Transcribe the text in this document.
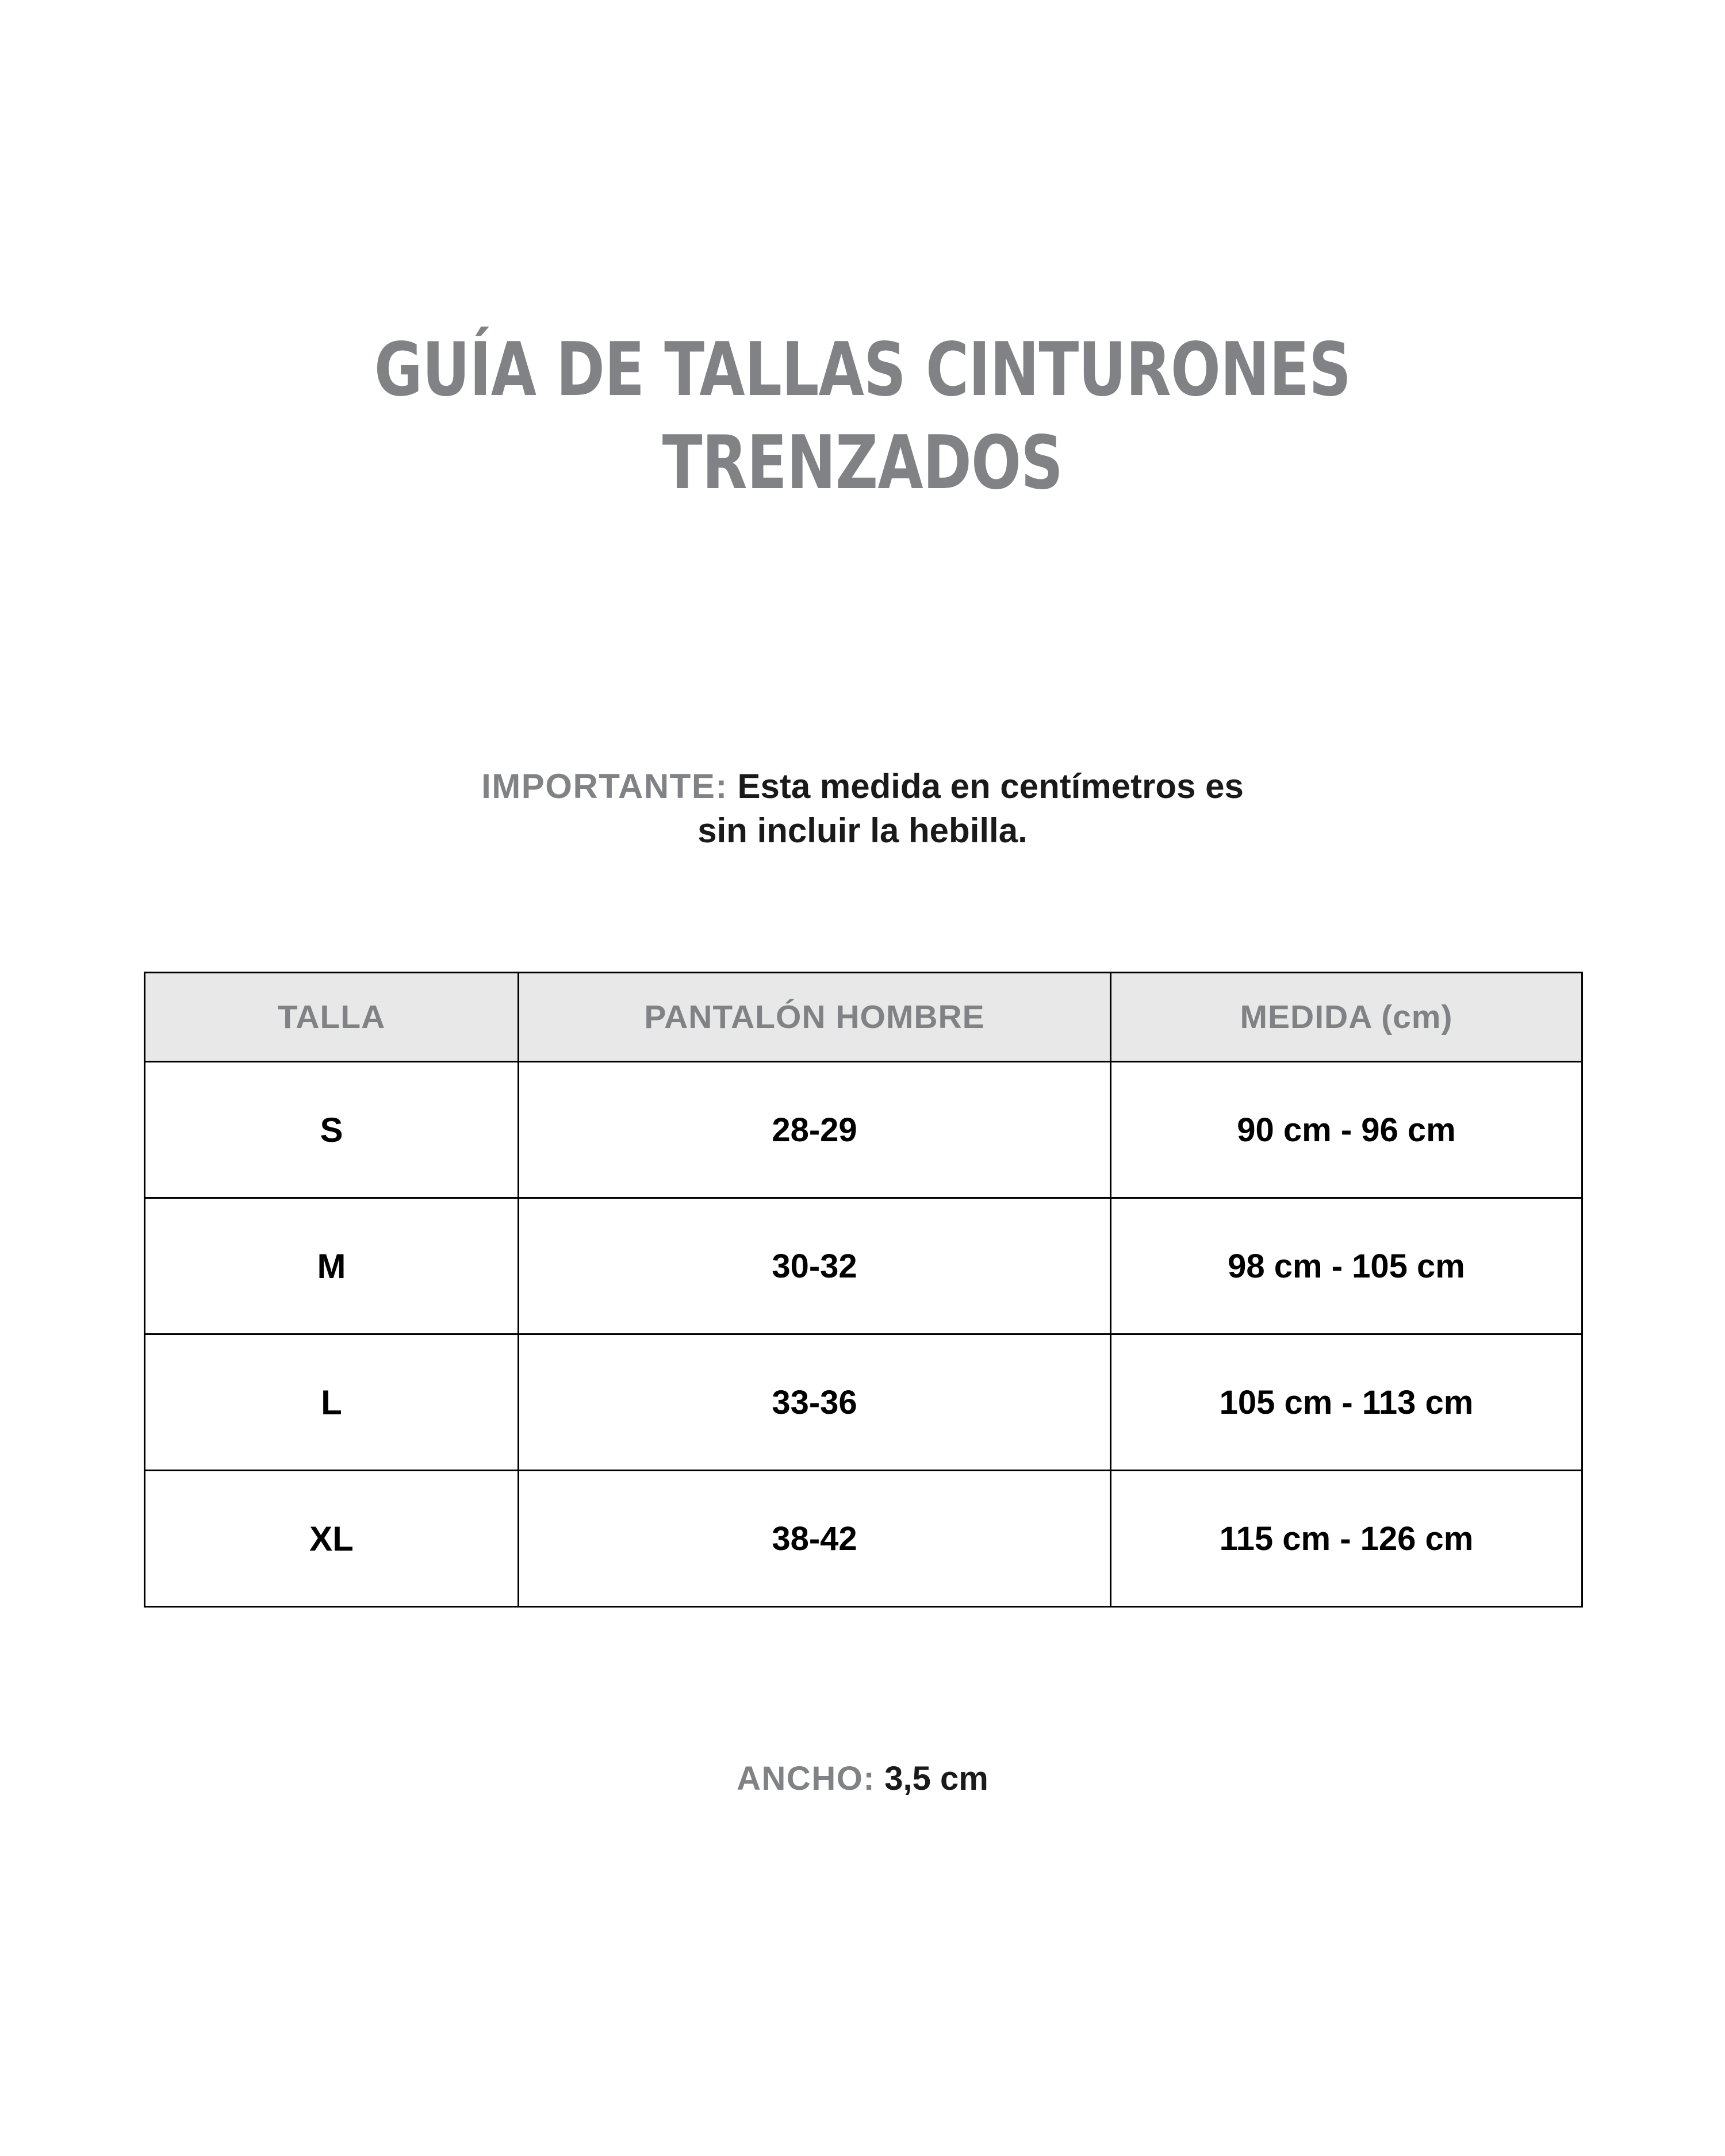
GUÍA DE TALLAS CINTURONES
TRENZADOS
IMPORTANTE: Esta medida en centímetros es
sin incluir la hebilla.
TALLA	PANTALÓN HOMBRE	MEDIDA (cm)
S	28-29	90 cm - 96 cm
M	30-32	98 cm - 105 cm
L	33-36	105 cm - 113 cm
XL	38-42	115 cm - 126 cm
ANCHO: 3,5 cm
